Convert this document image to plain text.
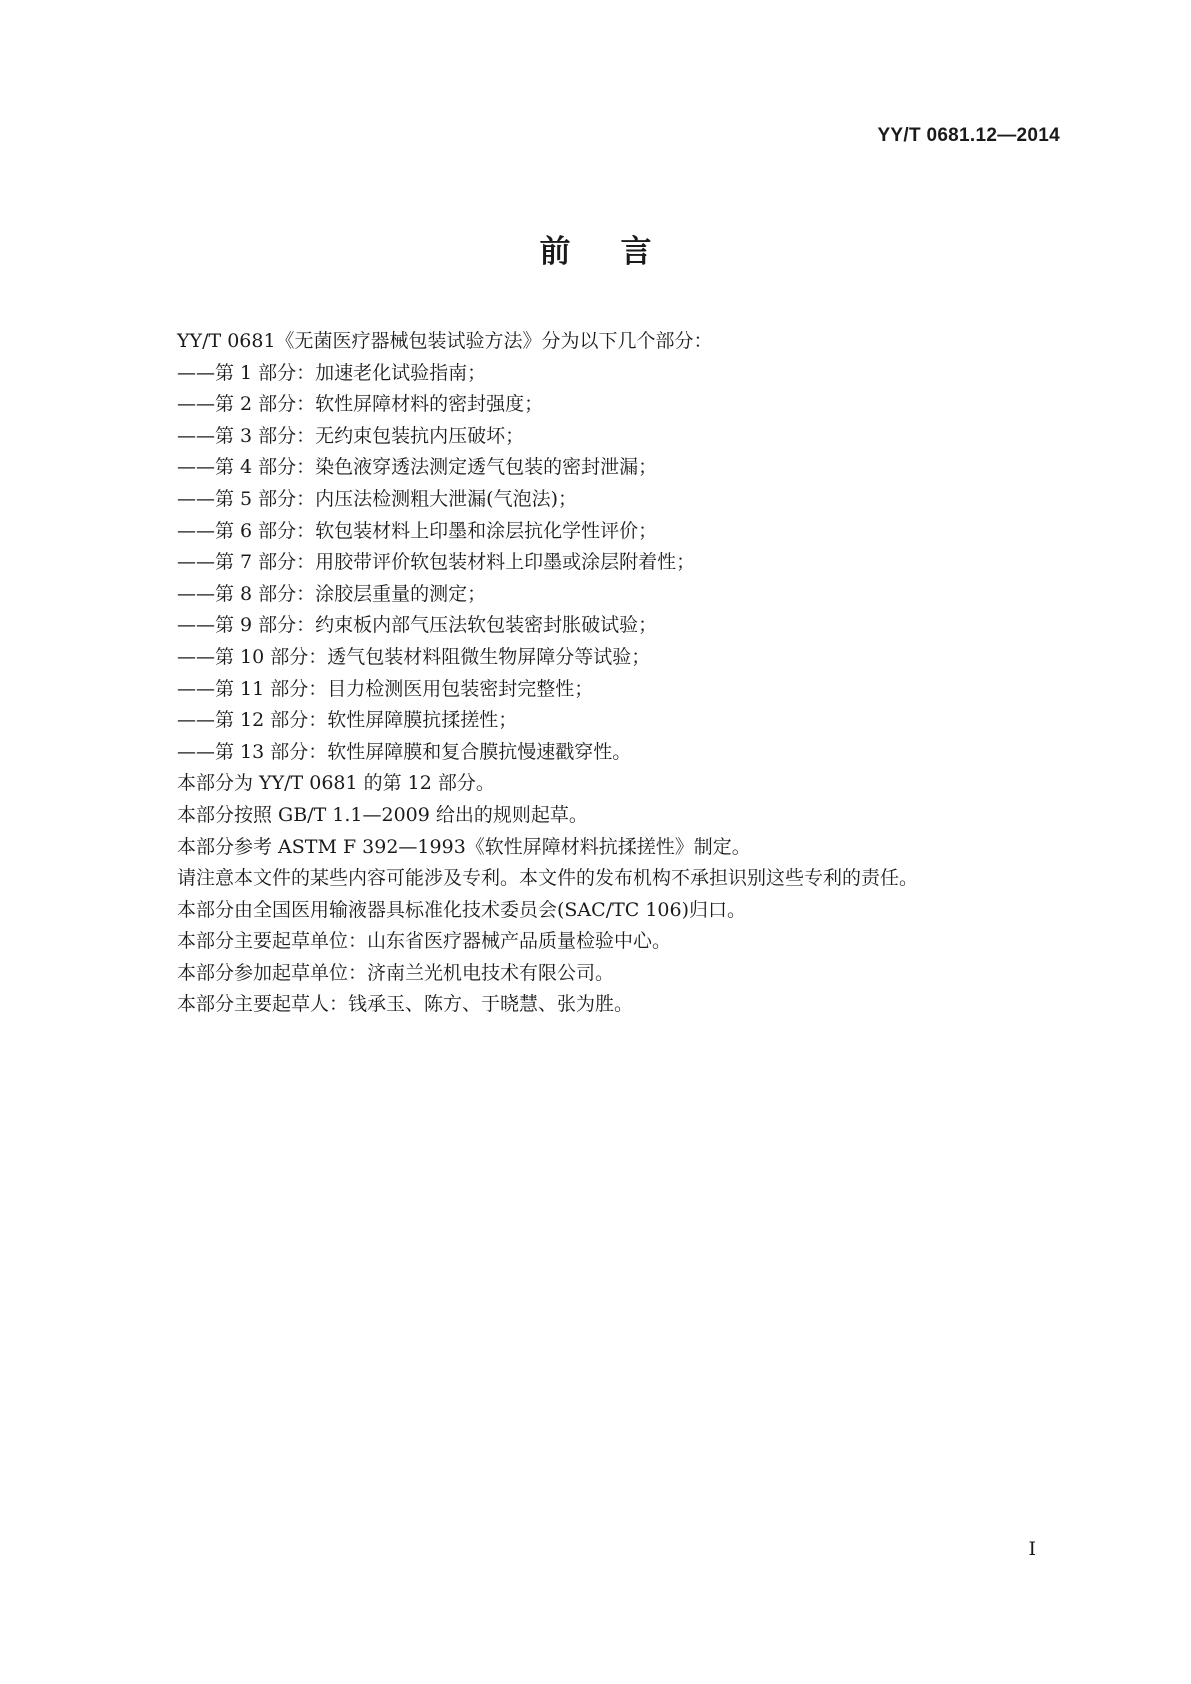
YY/T 0681.12—2014
前言
YY/T 0681《无菌医疗器械包装试验方法》分为以下几个部分：
——第 1 部分：加速老化试验指南；
——第 2 部分：软性屏障材料的密封强度；
——第 3 部分：无约束包装抗内压破坏；
——第 4 部分：染色液穿透法测定透气包装的密封泄漏；
——第 5 部分：内压法检测粗大泄漏(气泡法)；
——第 6 部分：软包装材料上印墨和涂层抗化学性评价；
——第 7 部分：用胶带评价软包装材料上印墨或涂层附着性；
——第 8 部分：涂胶层重量的测定；
——第 9 部分：约束板内部气压法软包装密封胀破试验；
——第 10 部分：透气包装材料阻微生物屏障分等试验；
——第 11 部分：目力检测医用包装密封完整性；
——第 12 部分：软性屏障膜抗揉搓性；
——第 13 部分：软性屏障膜和复合膜抗慢速戳穿性。
本部分为 YY/T 0681 的第 12 部分。
本部分按照 GB/T 1.1—2009 给出的规则起草。
本部分参考 ASTM F 392—1993《软性屏障材料抗揉搓性》制定。
请注意本文件的某些内容可能涉及专利。本文件的发布机构不承担识别这些专利的责任。
本部分由全国医用输液器具标准化技术委员会(SAC/TC 106)归口。
本部分主要起草单位：山东省医疗器械产品质量检验中心。
本部分参加起草单位：济南兰光机电技术有限公司。
本部分主要起草人：钱承玉、陈方、于晓慧、张为胜。
I
